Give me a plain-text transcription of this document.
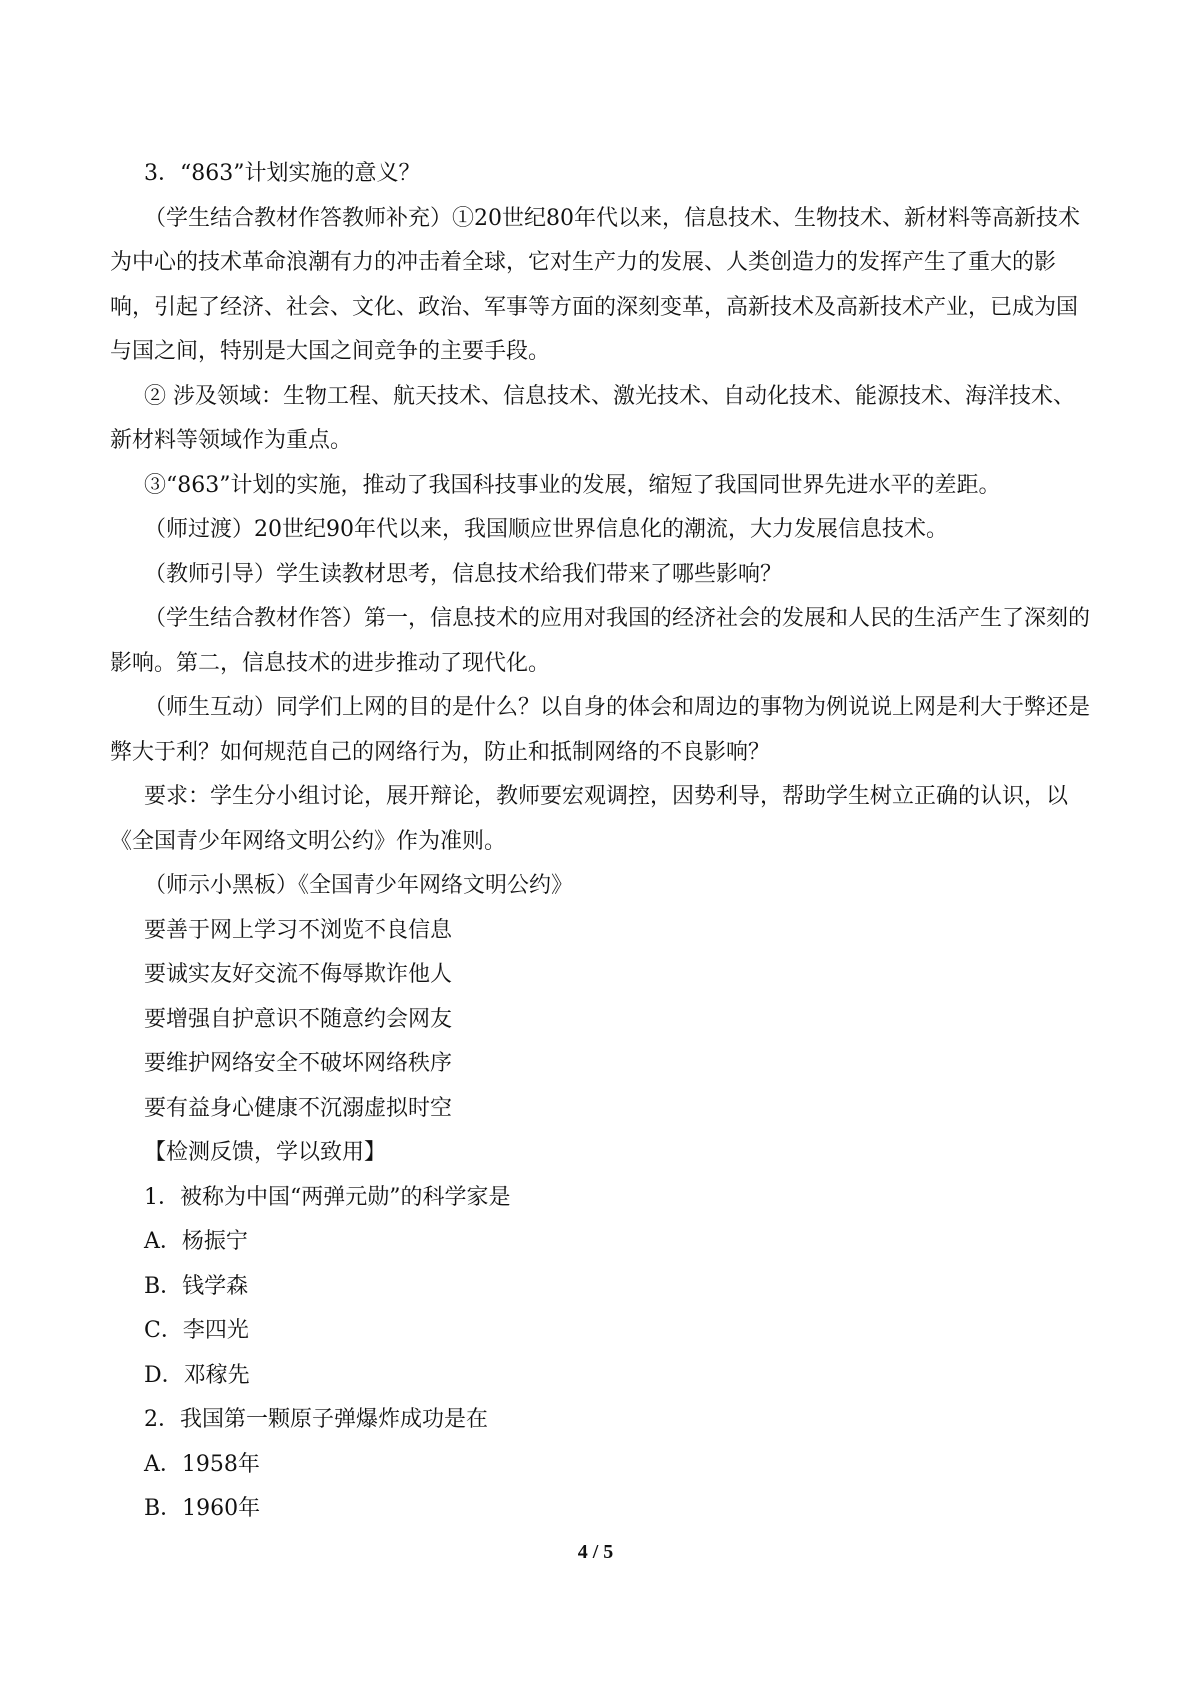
3．“863”计划实施的意义？

（学生结合教材作答教师补充）①20世纪80年代以来，信息技术、生物技术、新材料等高新技术为中心的技术革命浪潮有力的冲击着全球，它对生产力的发展、人类创造力的发挥产生了重大的影响，引起了经济、社会、文化、政治、军事等方面的深刻变革，高新技术及高新技术产业，已成为国与国之间，特别是大国之间竞争的主要手段。

② 涉及领域：生物工程、航天技术、信息技术、激光技术、自动化技术、能源技术、海洋技术、新材料等领域作为重点。

③“863”计划的实施，推动了我国科技事业的发展，缩短了我国同世界先进水平的差距。

（师过渡）20世纪90年代以来，我国顺应世界信息化的潮流，大力发展信息技术。

（教师引导）学生读教材思考，信息技术给我们带来了哪些影响？

（学生结合教材作答）第一，信息技术的应用对我国的经济社会的发展和人民的生活产生了深刻的影响。第二，信息技术的进步推动了现代化。

（师生互动）同学们上网的目的是什么？以自身的体会和周边的事物为例说说上网是利大于弊还是弊大于利？如何规范自己的网络行为，防止和抵制网络的不良影响？

要求：学生分小组讨论，展开辩论，教师要宏观调控，因势利导，帮助学生树立正确的认识，以《全国青少年网络文明公约》作为准则。

（师示小黑板）《全国青少年网络文明公约》

要善于网上学习不浏览不良信息

要诚实友好交流不侮辱欺诈他人

要增强自护意识不随意约会网友

要维护网络安全不破坏网络秩序

要有益身心健康不沉溺虚拟时空

【检测反馈，学以致用】

1．被称为中国“两弹元勋”的科学家是

A．杨振宁

B．钱学森

C．李四光

D．邓稼先

2．我国第一颗原子弹爆炸成功是在

A．1958年

B．1960年

4 / 5
